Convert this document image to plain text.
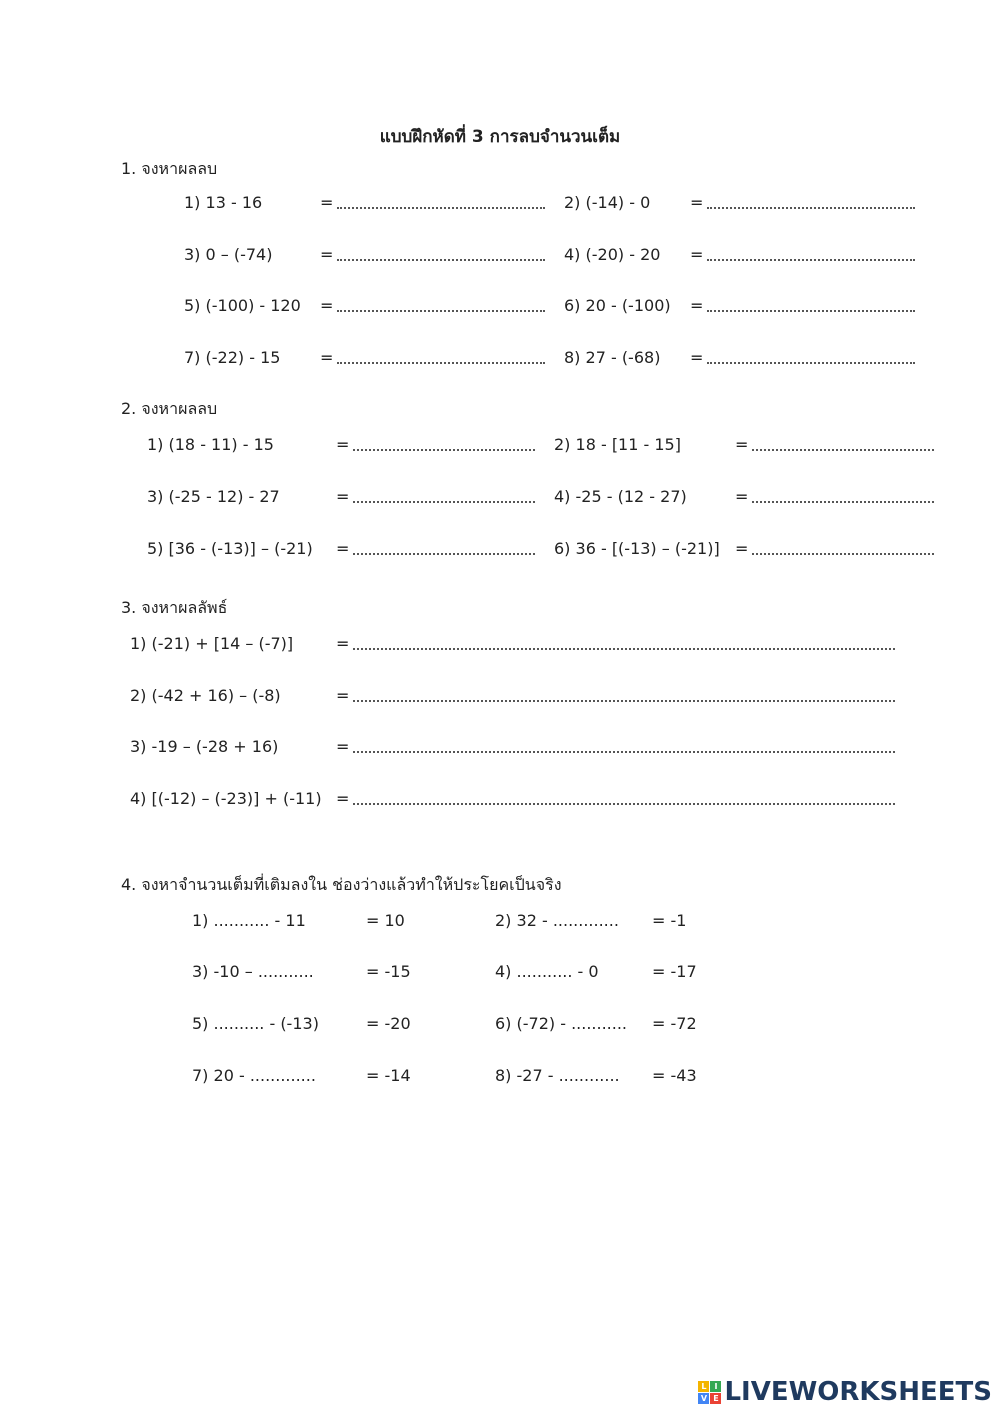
แบบฝึกหัดที่ 3 การลบจำนวนเต็ม
1. จงหาผลลบ
1) 13 - 16	=	2) (-14) - 0 =
3) 0 – (-74)	=	4) (-20) - 20 =
5) (-100) - 120 =	6) 20 - (-100) =
7) (-22) - 15 =	8) 27 - (-68) =
2. จงหาผลลบ
1) (18 - 11) - 15	=	2) 18 - [11 - 15]	=
3) (-25 - 12) - 27	=	4) -25 - (12 - 27)	=
5) [36 - (-13)] – (-21) =	6) 36 - [(-13) – (-21)] =
3. จงหาผลลัพธ์
1) (-21) + [14 – (-7)]	=
2) (-42 + 16) – (-8)	=
3) -19 – (-28 + 16)	=
4) [(-12) – (-23)] + (-11) =
4. จงหาจำนวนเต็มที่เติมลงใน ช่องว่างแล้วทำให้ประโยคเป็นจริง
1) ........... - 11	= 10	2) 32 - ............. = -1
3) -10 – ...........	= -15	4) ........... - 0	= -17
5) .......... - (-13)	= -20	6) (-72) - ........... = -72
7) 20 - .............	= -14	8) -27 - ............ = -43
L I
V E LIVEWORKSHEETS
